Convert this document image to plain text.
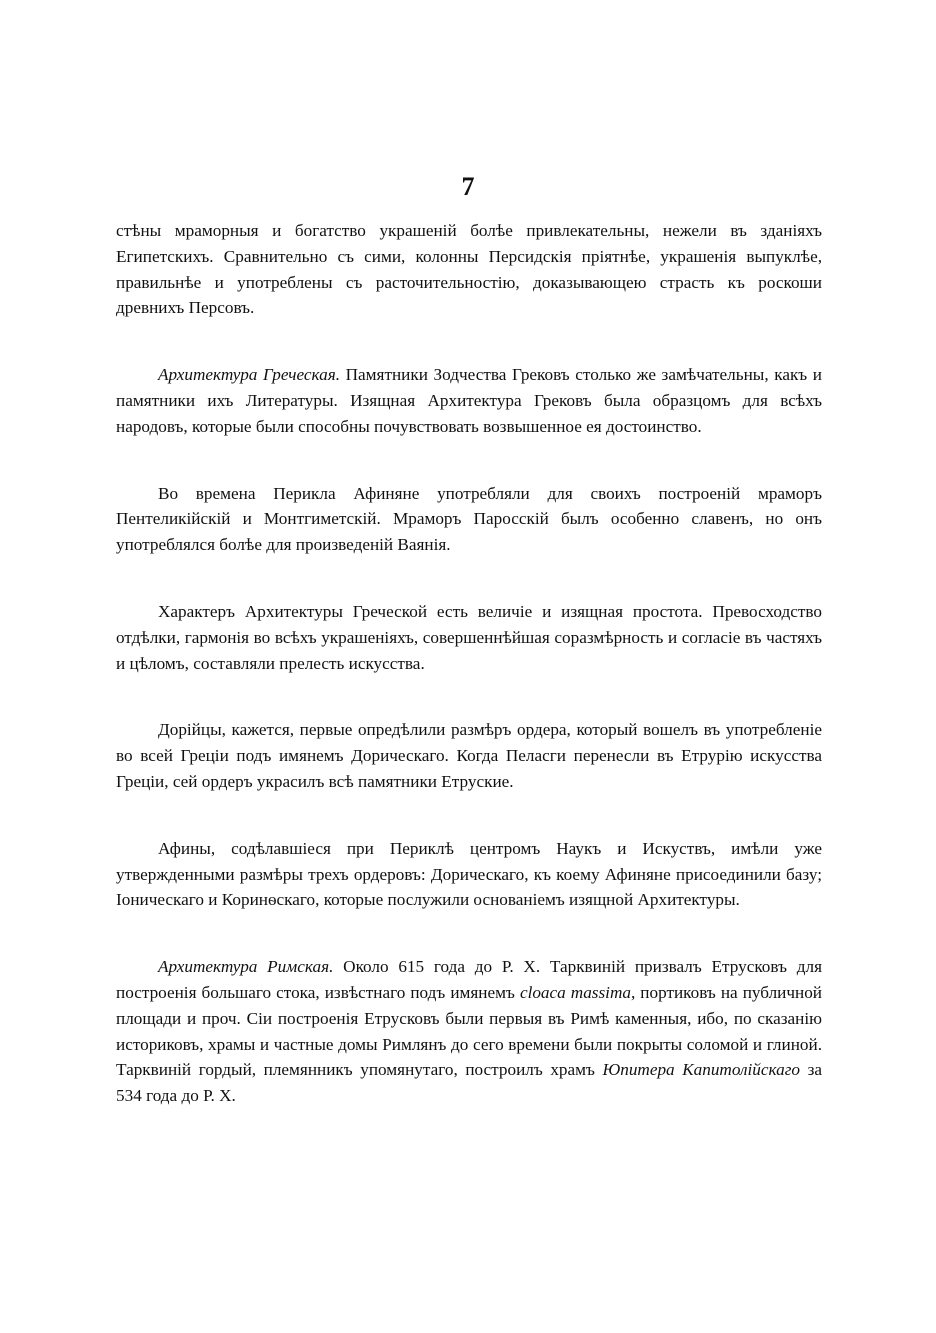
7

стѣны мраморныя и богатство украшеній болѣе привлекательны, нежели въ зданіяхъ Египетскихъ. Сравнительно съ сими, колонны Персидскія пріятнѣе, украшенія выпуклѣе, правильнѣе и употреблены съ расточительностію, доказывающею страсть къ роскоши древнихъ Персовъ.

Архитектура Греческая. Памятники Зодчества Грековъ столько же замѣчательны, какъ и памятники ихъ Литературы. Изящная Архитектура Грековъ была образцомъ для всѣхъ народовъ, которые были способны почувствовать возвышенное ея достоинство.

Во времена Перикла Афиняне употребляли для своихъ построеній мраморъ Пентеликійскій и Монтгиметскій. Мраморъ Паросскій былъ особенно славенъ, но онъ употреблялся болѣе для произведеній Ваянія.

Характеръ Архитектуры Греческой есть величіе и изящная простота. Превосходство отдѣлки, гармонія во всѣхъ украшеніяхъ, совершеннѣйшая соразмѣрность и согласіе въ частяхъ и цѣломъ, составляли прелесть искусства.

Дорійцы, кажется, первые опредѣлили размѣръ ордера, который вошелъ въ употребленіе во всей Греціи подъ имянемъ Дорическаго. Когда Пеласги перенесли въ Етрурію искусства Греціи, сей ордеръ украсилъ всѣ памятники Етруские.

Афины, содѣлавшіеся при Периклѣ центромъ Наукъ и Искуствъ, имѣли уже утвержденными размѣры трехъ ордеровъ: Дорическаго, къ коему Афиняне присоединили базу; Іоническаго и Коринѳскаго, которые послужили основаніемъ изящной Архитектуры.

Архитектура Римская. Около 615 года до Р. Х. Тарквиній призвалъ Етрусковъ для построенія большаго стока, извѣстнаго подъ имянемъ cloaca massima, портиковъ на публичной площади и проч. Сіи построенія Етрусковъ были первыя въ Римѣ каменныя, ибо, по сказанію историковъ, храмы и частные домы Римлянъ до сего времени были покрыты соломой и глиной. Тарквиній гордый, племянникъ упомянутаго, построилъ храмъ Юпитера Капитолійскаго за 534 года до Р. Х.
